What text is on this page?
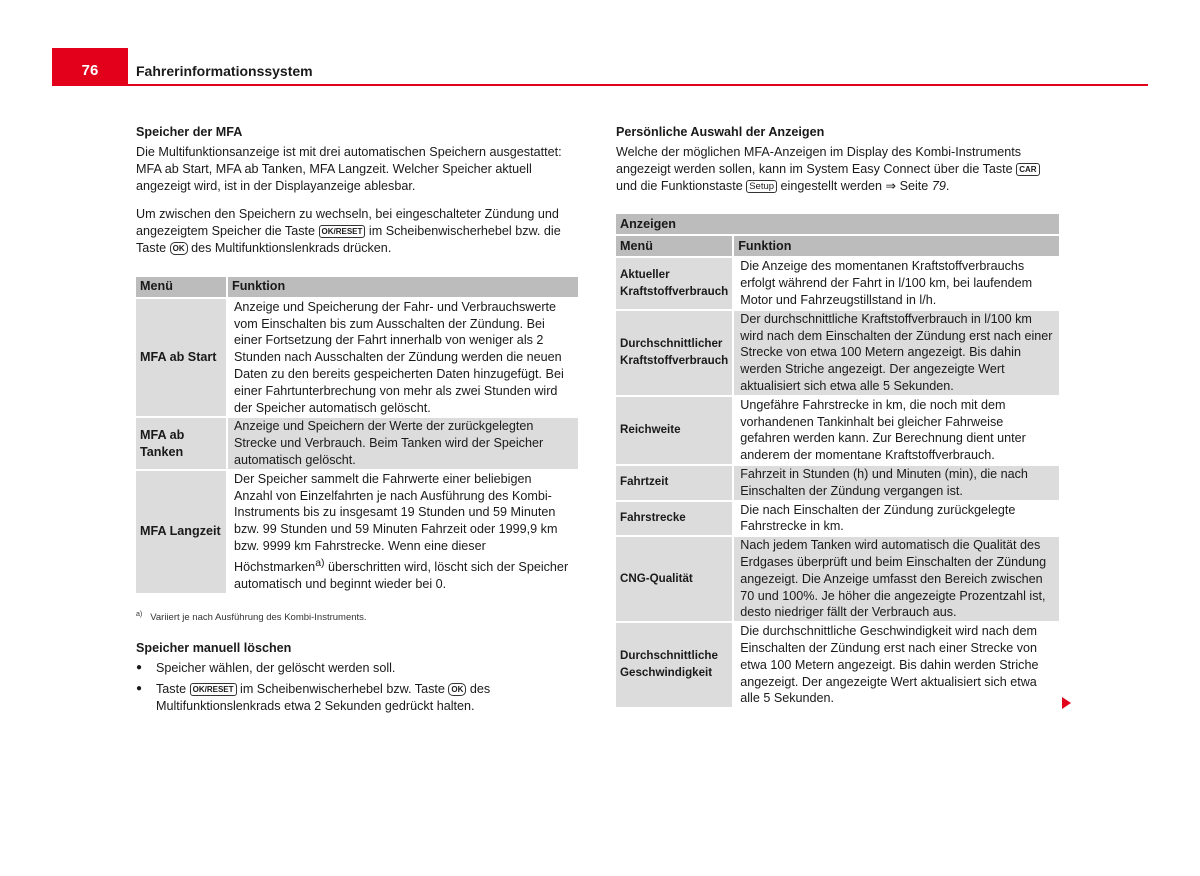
76	Fahrerinformationssystem
Speicher der MFA

Die Multifunktionsanzeige ist mit drei automatischen Speichern ausgestattet: MFA ab Start, MFA ab Tanken, MFA Langzeit. Welcher Speicher aktuell angezeigt wird, ist in der Displayanzeige ablesbar.

Um zwischen den Speichern zu wechseln, bei eingeschalteter Zündung und angezeigtem Speicher die Taste OK/RESET im Scheibenwischerhebel bzw. die Taste OK des Multifunktionslenkrads drücken.

Menü	Funktion
MFA ab Start	Anzeige und Speicherung der Fahr- und Verbrauchswerte vom Einschalten bis zum Ausschalten der Zündung. Bei einer Fortsetzung der Fahrt innerhalb von weniger als 2 Stunden nach Ausschalten der Zündung werden die neuen Daten zu den bereits gespeicherten Daten hinzugefügt. Bei einer Fahrtunterbrechung von mehr als zwei Stunden wird der Speicher automatisch gelöscht.
MFA ab Tanken	Anzeige und Speichern der Werte der zurückgelegten Strecke und Verbrauch. Beim Tanken wird der Speicher automatisch gelöscht.
MFA Langzeit	Der Speicher sammelt die Fahrwerte einer beliebigen Anzahl von Einzelfahrten je nach Ausführung des Kombi-Instruments bis zu insgesamt 19 Stunden und 59 Minuten bzw. 99 Stunden und 59 Minuten Fahrzeit oder 1999,9 km bzw. 9999 km Fahrstrecke. Wenn eine dieser Höchstmarken$^{a)}$ überschritten wird, löscht sich der Speicher automatisch und beginnt wieder bei 0.
$^{a)}$ Variiert je nach Ausführung des Kombi-Instruments.
Speicher manuell löschen
● Speicher wählen, der gelöscht werden soll.
● Taste OK/RESET im Scheibenwischerhebel bzw. Taste OK des Multifunktionslenkrads etwa 2 Sekunden gedrückt halten.
Persönliche Auswahl der Anzeigen

Welche der möglichen MFA-Anzeigen im Display des Kombi-Instruments angezeigt werden sollen, kann im System Easy Connect über die Taste CAR und die Funktionstaste Setup eingestellt werden ⇒ Seite 79.

Anzeigen	
Menü	Funktion
Aktueller Kraftstoffverbrauch	Die Anzeige des momentanen Kraftstoffverbrauchs erfolgt während der Fahrt in l/100 km, bei laufendem Motor und Fahrzeugstillstand in l/h.
Durchschnittlicher Kraftstoffverbrauch	Der durchschnittliche Kraftstoffverbrauch in l/100 km wird nach dem Einschalten der Zündung erst nach einer Strecke von etwa 100 Metern angezeigt. Bis dahin werden Striche angezeigt. Der angezeigte Wert aktualisiert sich etwa alle 5 Sekunden.
Reichweite	Ungefähre Fahrstrecke in km, die noch mit dem vorhandenen Tankinhalt bei gleicher Fahrweise gefahren werden kann. Zur Berechnung dient unter anderem der momentane Kraftstoffverbrauch.
Fahrtzeit	Fahrzeit in Stunden (h) und Minuten (min), die nach Einschalten der Zündung vergangen ist.
Fahrstrecke	Die nach Einschalten der Zündung zurückgelegte Fahrstrecke in km.
CNG-Qualität	Nach jedem Tanken wird automatisch die Qualität des Erdgases überprüft und beim Einschalten der Zündung angezeigt. Die Anzeige umfasst den Bereich zwischen 70 und 100%. Je höher die angezeigte Prozentzahl ist, desto niedriger fällt der Verbrauch aus.
Durchschnittliche Geschwindigkeit	Die durchschnittliche Geschwindigkeit wird nach dem Einschalten der Zündung erst nach einer Strecke von etwa 100 Metern angezeigt. Bis dahin werden Striche angezeigt. Der angezeigte Wert aktualisiert sich etwa alle 5 Sekunden.
